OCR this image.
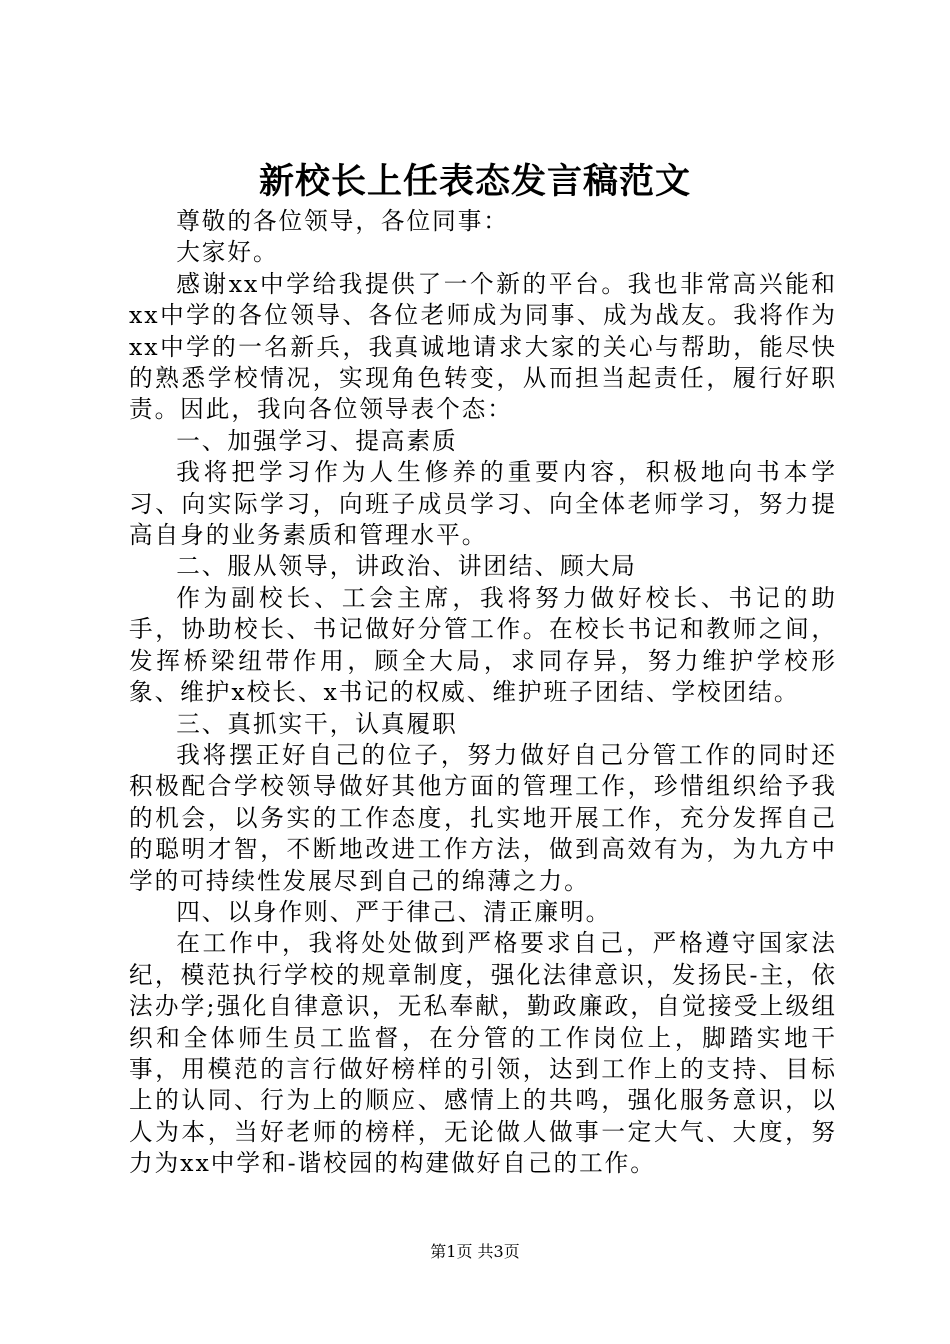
新校长上任表态发言稿范文

尊敬的各位领导，各位同事：

大家好。

感谢xx中学给我提供了一个新的平台。我也非常高兴能和xx中学的各位领导、各位老师成为同事、成为战友。我将作为xx中学的一名新兵，我真诚地请求大家的关心与帮助，能尽快的熟悉学校情况，实现角色转变，从而担当起责任，履行好职责。因此，我向各位领导表个态：

一、加强学习、提高素质

我将把学习作为人生修养的重要内容，积极地向书本学习、向实际学习，向班子成员学习、向全体老师学习，努力提高自身的业务素质和管理水平。

二、服从领导，讲政治、讲团结、顾大局

作为副校长、工会主席，我将努力做好校长、书记的助手，协助校长、书记做好分管工作。在校长书记和教师之间，发挥桥梁纽带作用，顾全大局，求同存异，努力维护学校形象、维护x校长、x书记的权威、维护班子团结、学校团结。

三、真抓实干，认真履职

我将摆正好自己的位子，努力做好自己分管工作的同时还积极配合学校领导做好其他方面的管理工作，珍惜组织给予我的机会，以务实的工作态度，扎实地开展工作，充分发挥自己的聪明才智，不断地改进工作方法，做到高效有为，为九方中学的可持续性发展尽到自己的绵薄之力。

四、以身作则、严于律己、清正廉明。

在工作中，我将处处做到严格要求自己，严格遵守国家法纪，模范执行学校的规章制度，强化法律意识，发扬民-主，依法办学;强化自律意识，无私奉献，勤政廉政，自觉接受上级组织和全体师生员工监督，在分管的工作岗位上，脚踏实地干事，用模范的言行做好榜样的引领，达到工作上的支持、目标上的认同、行为上的顺应、感情上的共鸣，强化服务意识，以人为本，当好老师的榜样，无论做人做事一定大气、大度，努力为xx中学和-谐校园的构建做好自己的工作。

第1页 共3页
